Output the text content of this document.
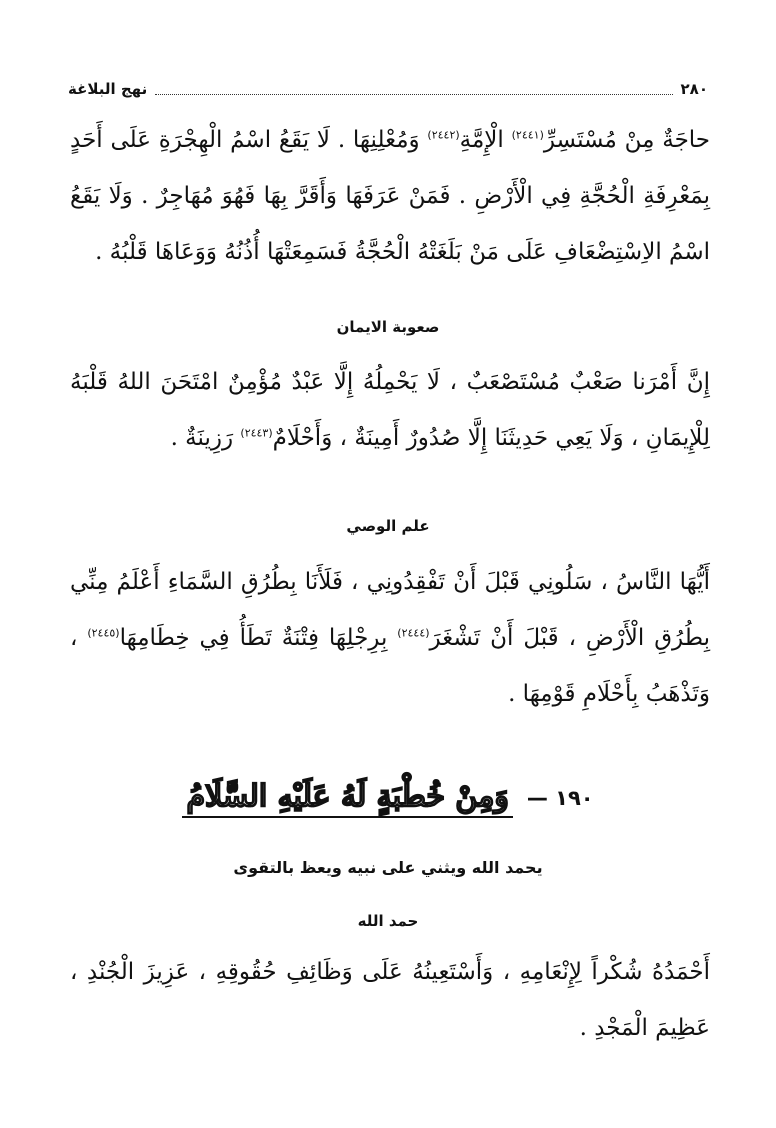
٢٨٠
نهج البلاغة
حاجَةٌ مِنْ مُسْتَسِرِّ$^{(٢٤٤١)}$ الْإِمَّةِ$^{(٢٤٤٢)}$ وَمُعْلِنِهَا . لَا يَقَعُ اسْمُ الْهِجْرَةِ عَلَى أَحَدٍ بِمَعْرِفَةِ الْحُجَّةِ فِي الْأَرْضِ . فَمَنْ عَرَفَهَا وَأَقَرَّ بِهَا فَهُوَ مُهَاجِرٌ . وَلَا يَقَعُ اسْمُ الاِسْتِضْعَافِ عَلَى مَنْ بَلَغَتْهُ الْحُجَّةُ فَسَمِعَتْهَا أُذُنُهُ وَوَعَاهَا قَلْبُهُ .
صعوبة الايمان
إِنَّ أَمْرَنا صَعْبٌ مُسْتَصْعَبٌ ، لَا يَحْمِلُهُ إِلَّا عَبْدٌ مُؤْمِنٌ امْتَحَنَ اللهُ قَلْبَهُ لِلْإِيمَانِ ، وَلَا يَعِي حَدِيثَنَا إِلَّا صُدُورٌ أَمِينَةٌ ، وَأَحْلَامٌ$^{(٢٤٤٣)}$ رَزِينَةٌ .
علم الوصي
أَيُّهَا النَّاسُ ، سَلُونِي قَبْلَ أَنْ تَفْقِدُونِي ، فَلَأَنَا بِطُرُقِ السَّمَاءِ أَعْلَمُ مِنِّي بِطُرُقِ الْأَرْضِ ، قَبْلَ أَنْ تَشْغَرَ$^{(٢٤٤٤)}$ بِرِجْلِهَا فِتْنَةٌ تَطَأُ فِي خِطَامِهَا$^{(٢٤٤٥)}$ ، وَتَذْهَبُ بِأَحْلَامِ قَوْمِهَا .
١٩٠ —
وَمِنْ خُطْبَةٍ لَهُ عَلَيْهِ السَّلَامُ
يحمد الله ويثني على نبيه ويعظ بالتقوى
حمد الله
أَحْمَدُهُ شُكْراً لِإِنْعَامِهِ ، وَأَسْتَعِينُهُ عَلَى وَظَائِفِ حُقُوقِهِ ، عَزِيزَ الْجُنْدِ ، عَظِيمَ الْمَجْدِ .
